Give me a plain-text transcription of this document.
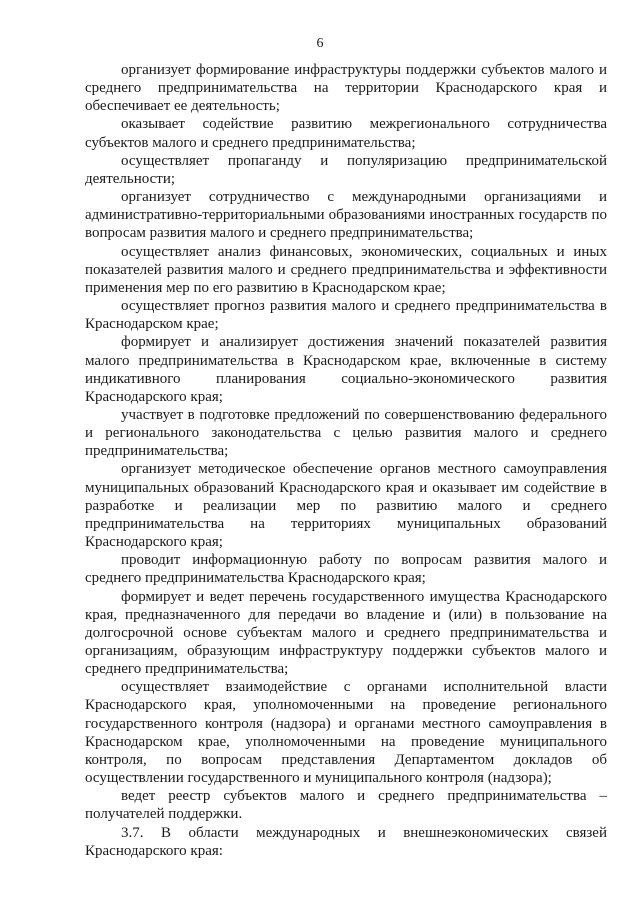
6

организует формирование инфраструктуры поддержки субъектов малого и среднего предпринимательства на территории Краснодарского края и обеспечивает ее деятельность;

оказывает содействие развитию межрегионального сотрудничества субъектов малого и среднего предпринимательства;

осуществляет пропаганду и популяризацию предпринимательской деятельности;

организует сотрудничество с международными организациями и административно-территориальными образованиями иностранных государств по вопросам развития малого и среднего предпринимательства;

осуществляет анализ финансовых, экономических, социальных и иных показателей развития малого и среднего предпринимательства и эффективности применения мер по его развитию в Краснодарском крае;

осуществляет прогноз развития малого и среднего предпринимательства в Краснодарском крае;

формирует и анализирует достижения значений показателей развития малого предпринимательства в Краснодарском крае, включенные в систему индикативного планирования социально-экономического развития Краснодарского края;

участвует в подготовке предложений по совершенствованию федерального и регионального законодательства с целью развития малого и среднего предпринимательства;

организует методическое обеспечение органов местного самоуправления муниципальных образований Краснодарского края и оказывает им содействие в разработке и реализации мер по развитию малого и среднего предпринимательства на территориях муниципальных образований Краснодарского края;

проводит информационную работу по вопросам развития малого и среднего предпринимательства Краснодарского края;

формирует и ведет перечень государственного имущества Краснодарского края, предназначенного для передачи во владение и (или) в пользование на долгосрочной основе субъектам малого и среднего предпринимательства и организациям, образующим инфраструктуру поддержки субъектов малого и среднего предпринимательства;

осуществляет взаимодействие с органами исполнительной власти Краснодарского края, уполномоченными на проведение регионального государственного контроля (надзора) и органами местного самоуправления в Краснодарском крае, уполномоченными на проведение муниципального контроля, по вопросам представления Департаментом докладов об осуществлении государственного и муниципального контроля (надзора);

ведет реестр субъектов малого и среднего предпринимательства – получателей поддержки.

3.7. В области международных и внешнеэкономических связей Краснодарского края:
